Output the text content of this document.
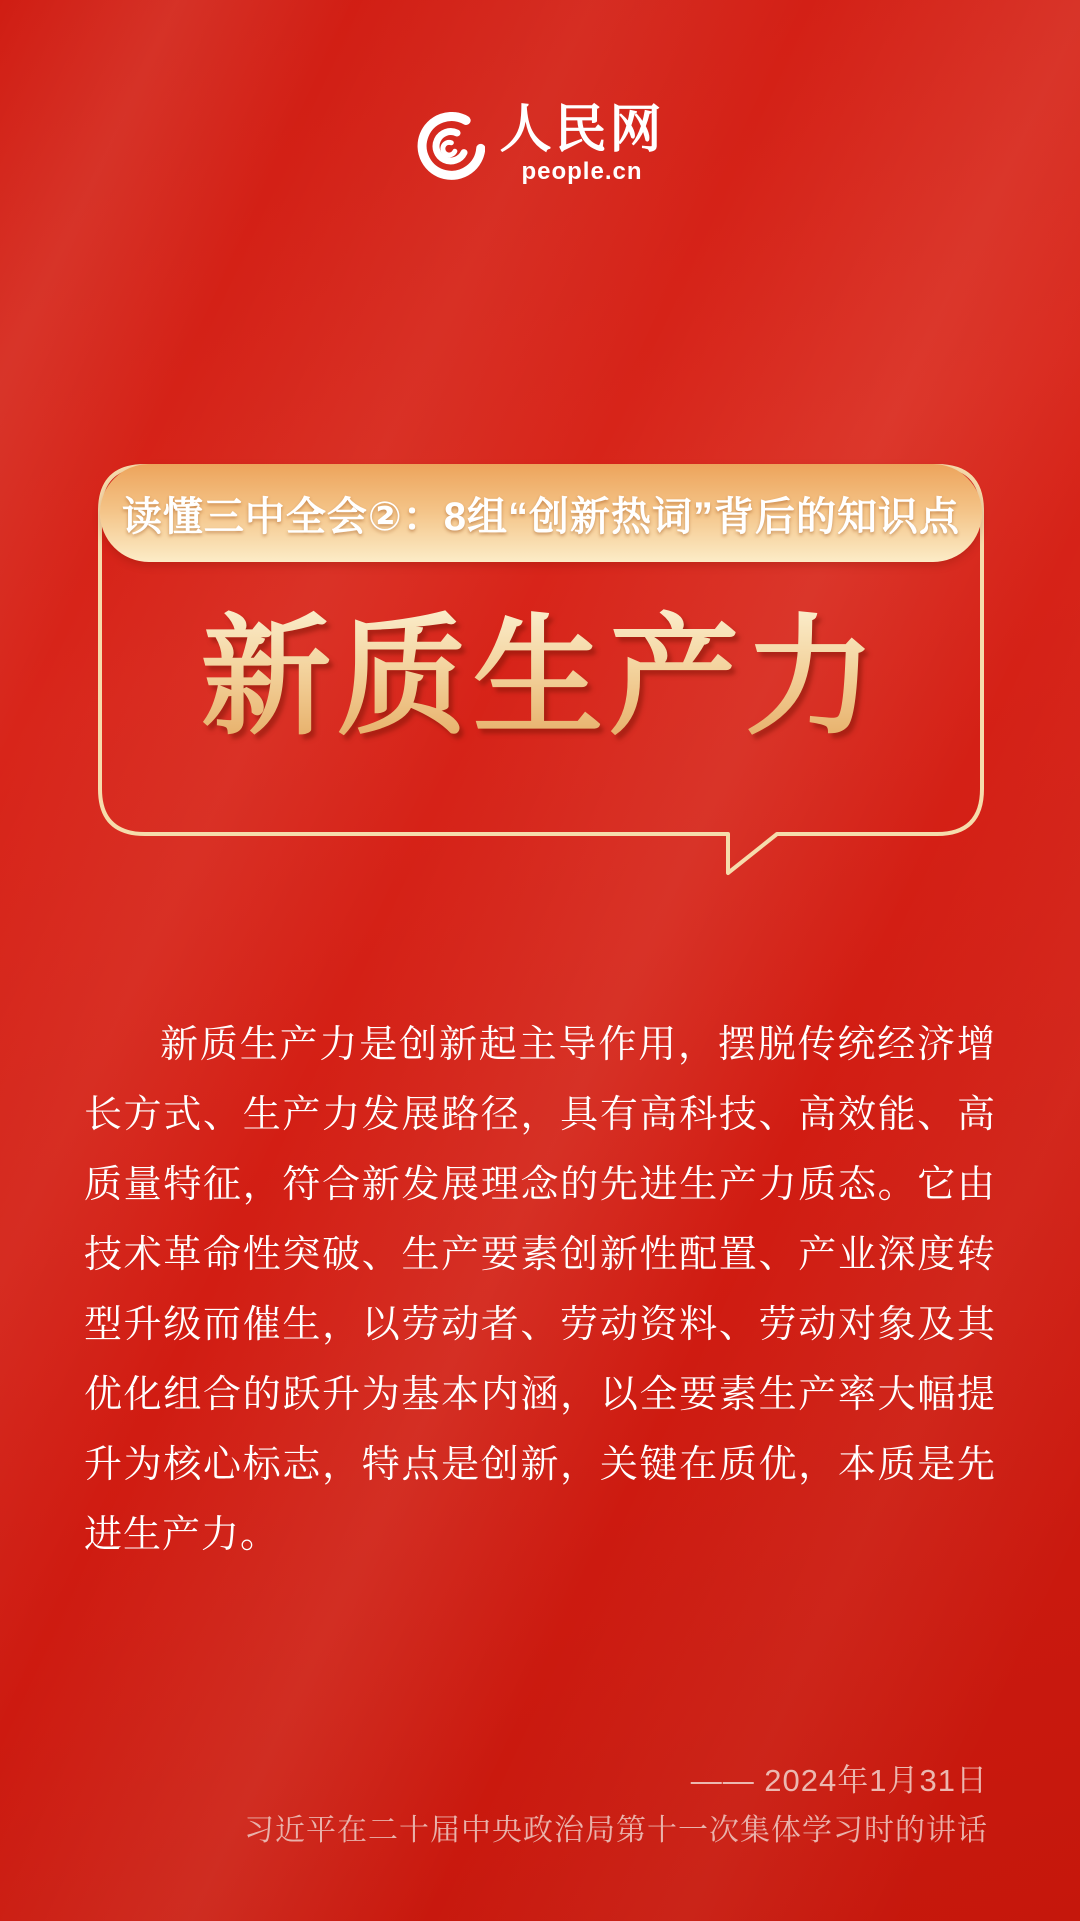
人民网
people.cn
读懂三中全会②：8组“创新热词”背后的知识点
新质生产力

新质生产力是创新起主导作用，摆脱传统经济增长方式、生产力发展路径，具有高科技、高效能、高质量特征，符合新发展理念的先进生产力质态。它由技术革命性突破、生产要素创新性配置、产业深度转型升级而催生，以劳动者、劳动资料、劳动对象及其优化组合的跃升为基本内涵，以全要素生产率大幅提升为核心标志，特点是创新，关键在质优，本质是先进生产力。

—— 2024年1月31日
习近平在二十届中央政治局第十一次集体学习时的讲话
